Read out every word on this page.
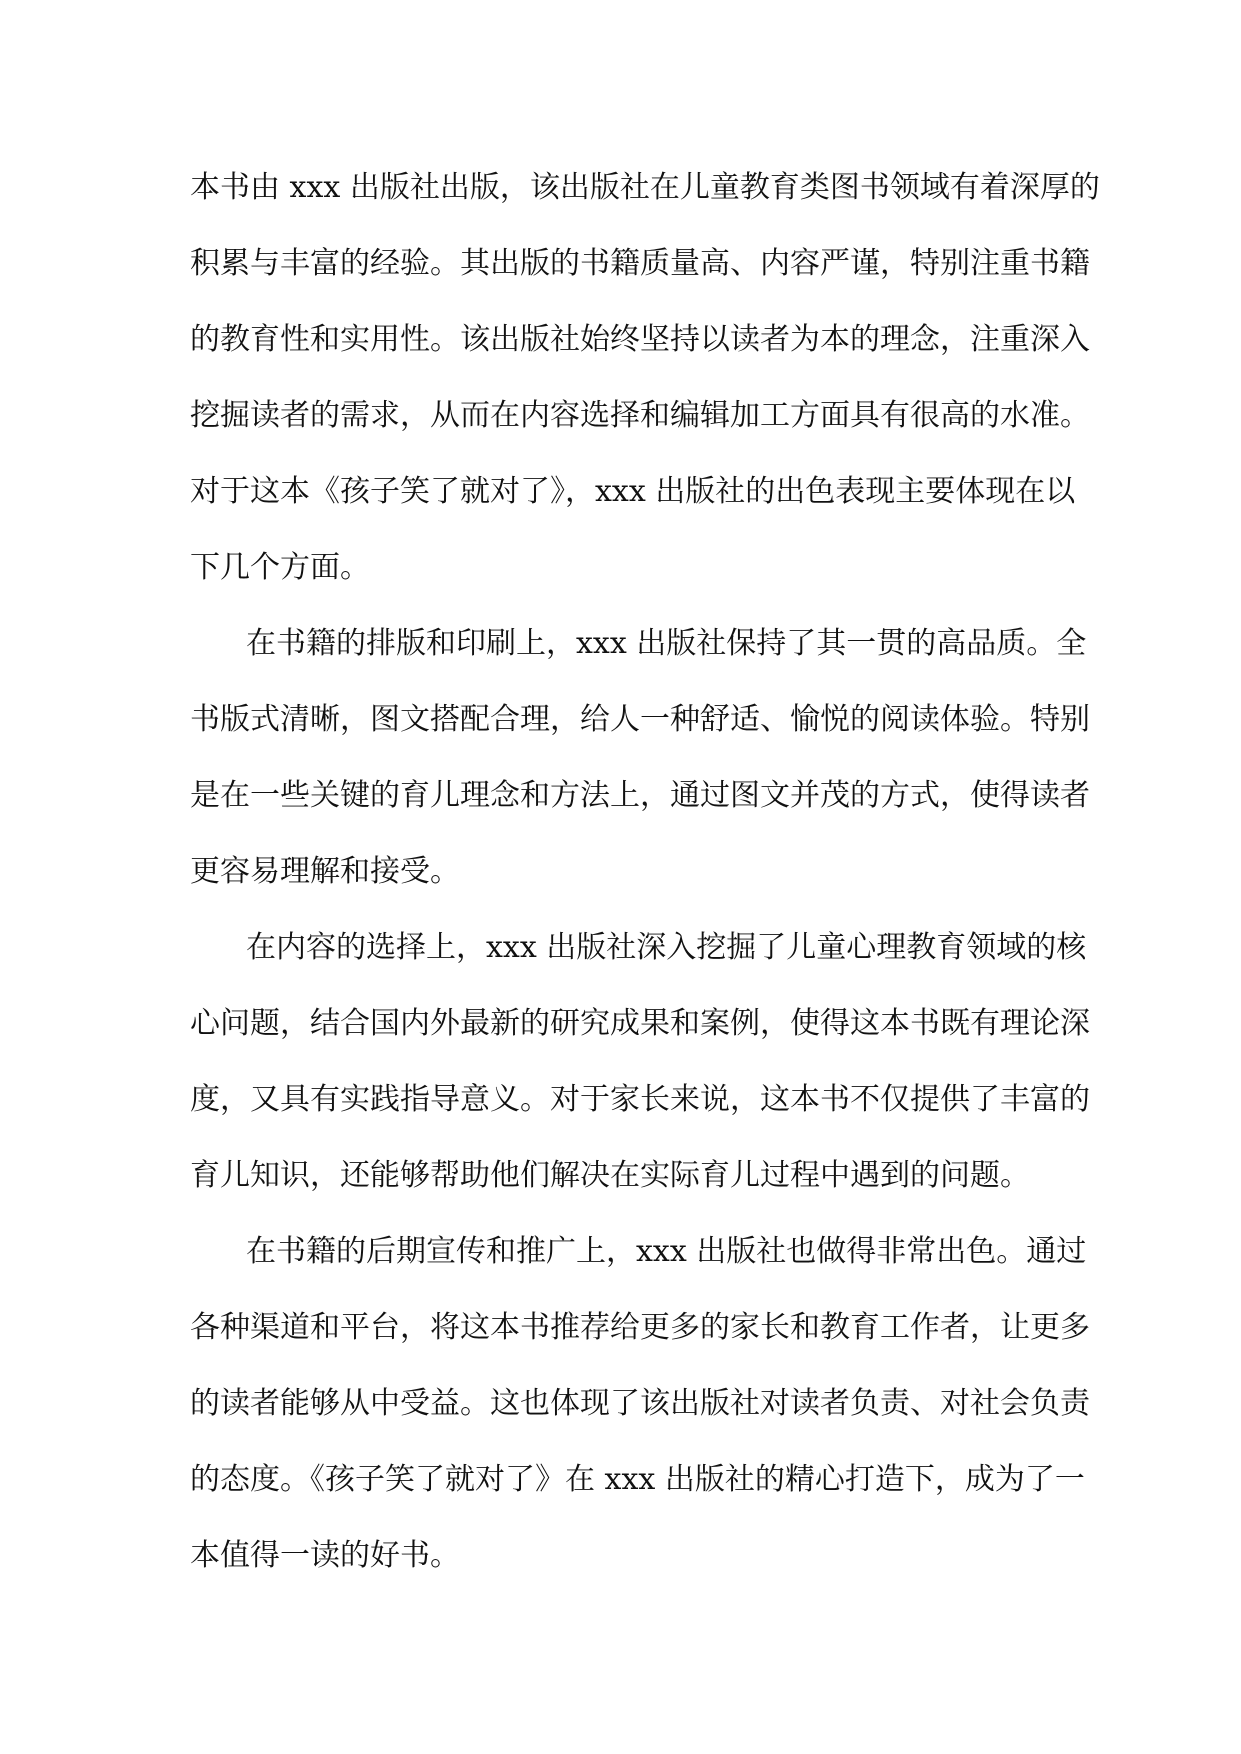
本书由 xxx 出版社出版，该出版社在儿童教育类图书领域有着深厚的
积累与丰富的经验。其出版的书籍质量高、内容严谨，特别注重书籍
的教育性和实用性。该出版社始终坚持以读者为本的理念，注重深入
挖掘读者的需求，从而在内容选择和编辑加工方面具有很高的水准。
对于这本《孩子笑了就对了》，xxx 出版社的出色表现主要体现在以
下几个方面。
在书籍的排版和印刷上，xxx 出版社保持了其一贯的高品质。全
书版式清晰，图文搭配合理，给人一种舒适、愉悦的阅读体验。特别
是在一些关键的育儿理念和方法上，通过图文并茂的方式，使得读者
更容易理解和接受。
在内容的选择上，xxx 出版社深入挖掘了儿童心理教育领域的核
心问题，结合国内外最新的研究成果和案例，使得这本书既有理论深
度，又具有实践指导意义。对于家长来说，这本书不仅提供了丰富的
育儿知识，还能够帮助他们解决在实际育儿过程中遇到的问题。
在书籍的后期宣传和推广上，xxx 出版社也做得非常出色。通过
各种渠道和平台，将这本书推荐给更多的家长和教育工作者，让更多
的读者能够从中受益。这也体现了该出版社对读者负责、对社会负责
的态度。《孩子笑了就对了》在 xxx 出版社的精心打造下，成为了一
本值得一读的好书。
